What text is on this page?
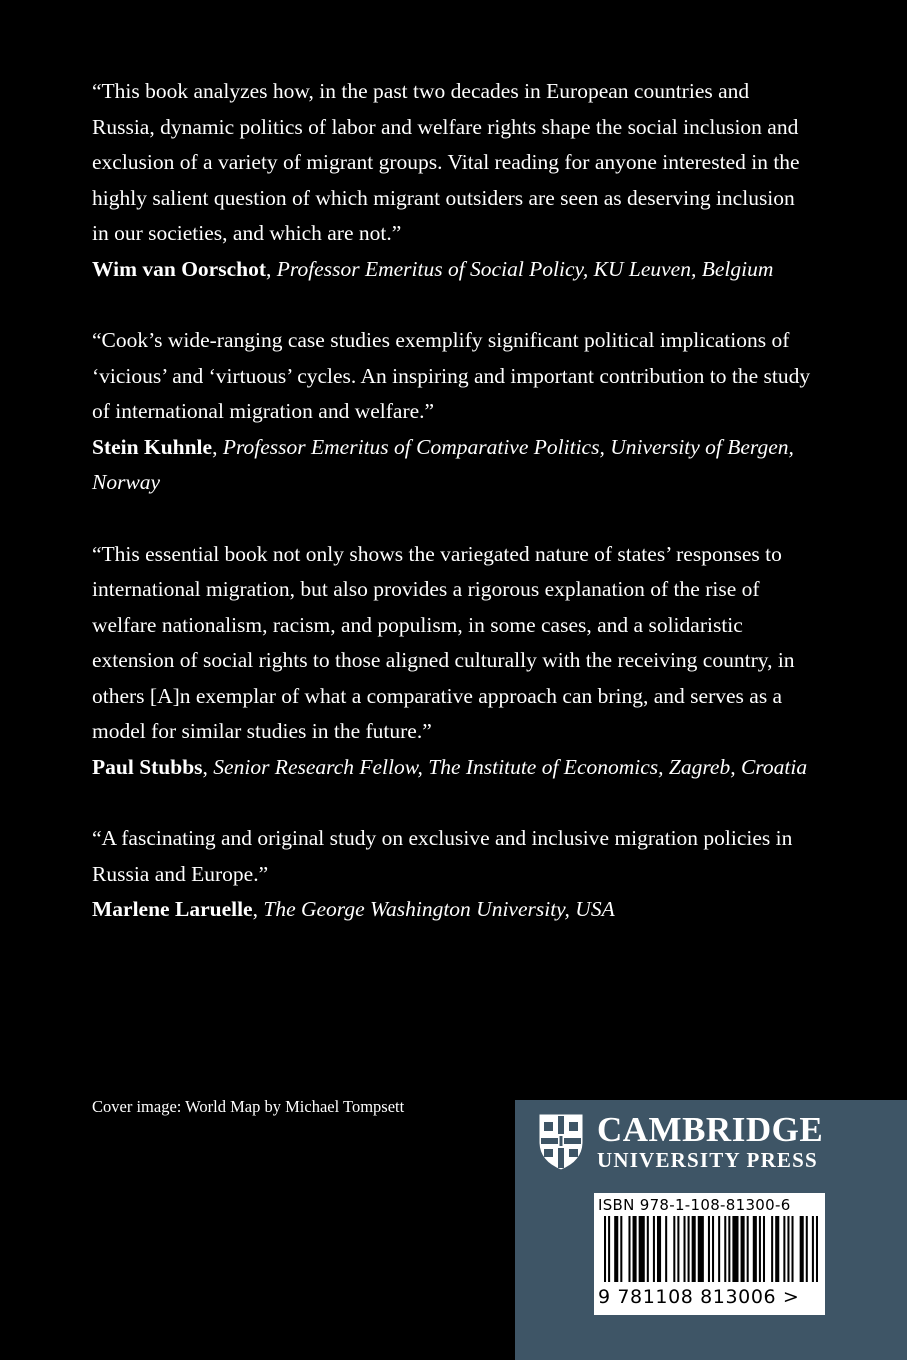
“This book analyzes how, in the past two decades in European countries and Russia, dynamic politics of labor and welfare rights shape the social inclusion and exclusion of a variety of migrant groups. Vital reading for anyone interested in the highly salient question of which migrant outsiders are seen as deserving inclusion in our societies, and which are not.”

Wim van Oorschot, Professor Emeritus of Social Policy, KU Leuven, Belgium

“Cook’s wide-ranging case studies exemplify significant political implications of ‘vicious’ and ‘virtuous’ cycles. An inspiring and important contribution to the study of international migration and welfare.”

Stein Kuhnle, Professor Emeritus of Comparative Politics, University of Bergen, Norway

“This essential book not only shows the variegated nature of states’ responses to international migration, but also provides a rigorous explanation of the rise of welfare nationalism, racism, and populism, in some cases, and a solidaristic extension of social rights to those aligned culturally with the receiving country, in others [A]n exemplar of what a comparative approach can bring, and serves as a model for similar studies in the future.”

Paul Stubbs, Senior Research Fellow, The Institute of Economics, Zagreb, Croatia

“A fascinating and original study on exclusive and inclusive migration policies in Russia and Europe.”

Marlene Laruelle, The George Washington University, USA

Cover image: World Map by Michael Tompsett
CAMBRIDGE
UNIVERSITY PRESS
ISBN 978-1-108-81300-6
9 781108 813006 >
